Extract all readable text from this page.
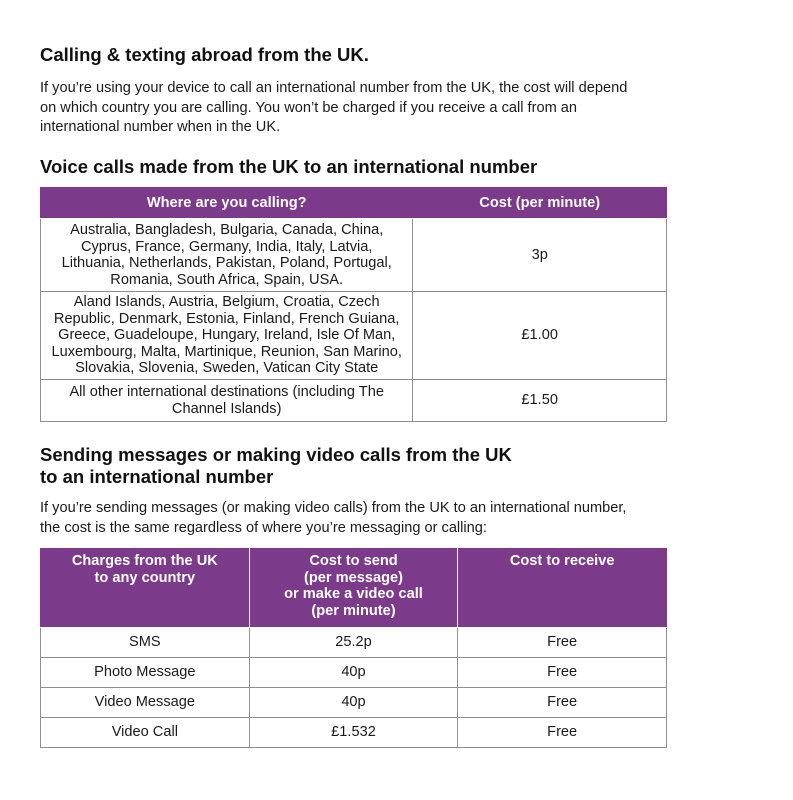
Calling & texting abroad from the UK.

If you’re using your device to call an international number from the UK, the cost will depend
on which country you are calling. You won’t be charged if you receive a call from an
international number when in the UK.

Voice calls made from the UK to an international number
Where are you calling?	Cost (per minute)
Australia, Bangladesh, Bulgaria, Canada, China,
Cyprus, France, Germany, India, Italy, Latvia,
Lithuania, Netherlands, Pakistan, Poland, Portugal,
Romania, South Africa, Spain, USA.	3p
Aland Islands, Austria, Belgium, Croatia, Czech
Republic, Denmark, Estonia, Finland, French Guiana,
Greece, Guadeloupe, Hungary, Ireland, Isle Of Man,
Luxembourg, Malta, Martinique, Reunion, San Marino,
Slovakia, Slovenia, Sweden, Vatican City State	£1.00
All other international destinations (including The
Channel Islands)	£1.50
Sending messages or making video calls from the UK
to an international number

If you’re sending messages (or making video calls) from the UK to an international number,
the cost is the same regardless of where you’re messaging or calling:

Charges from the UK
to any country	Cost to send
(per message)
or make a video call
(per minute)	Cost to receive
SMS	25.2p	Free
Photo Message	40p	Free
Video Message	40p	Free
Video Call	£1.532	Free
